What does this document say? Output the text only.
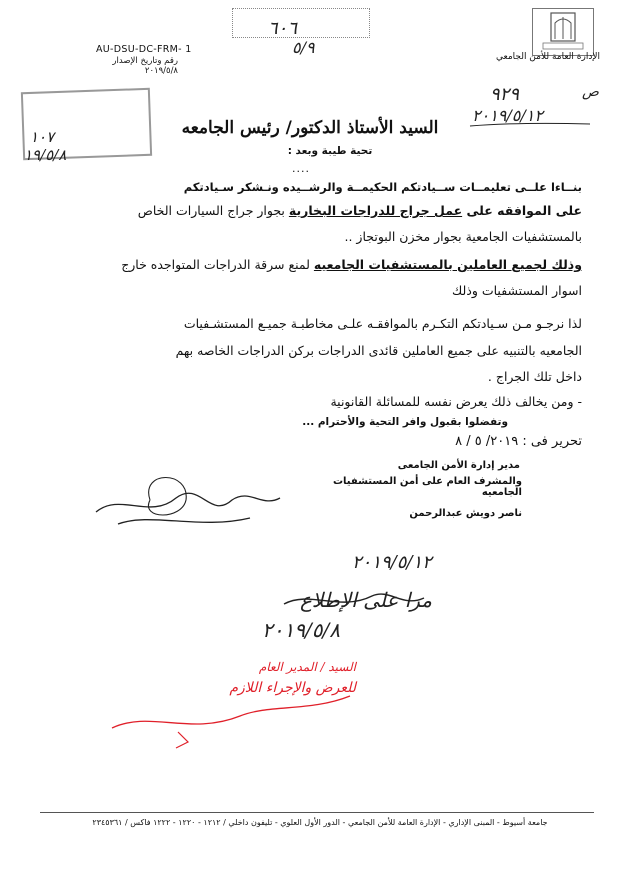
الإدارة العامة للأمن الجامعي
AU-DSU-DC-FRM- 1
رقم وتاريخ الإصدار ٢٠١٩/٥/٨
٦٠٦
٥/٩
٩٢٩	ص
٢٠١٩/٥/١٢
١٠٧
١٩/٥/٨
السيد الأستاذ الدكتور/ رئيس الجامعه
تحية طيبة وبعد :
....
بنــاءا علــى تعليمــات ســيادتكم الحكيمــة والرشــيده ونـشكر سـيادتكم
على الموافقه على عمل جراج للدراجات البخارية بجوار جراج السيارات الخاص
بالمستشفيات الجامعية بجوار مخزن البوتجاز ..
وذلك لجميع العاملين بالمستشفيات الجامعيه لمنع سرقة الدراجات المتواجده خارج
اسوار المستشفيات وذلك
لذا نرجـو مـن سـيادتكم التكـرم بالموافقـه علـى مخاطبـة جميـع المستشـفيات
الجامعيه بالتنبيه على جميع العاملين قائدى الدراجات بركن الدراجات الخاصه بهم
داخل تلك الجراج .
- ومن يخالف ذلك يعرض نفسه للمسائلة القانونية
وتفضلوا بقبول وافر التحية والأحترام ...
تحرير فى : ٢٠١٩/ ٥ / ٨
مدير إدارة الأمن الجامعى
والمشرف العام على أمن المستشفيات الجامعيه
ناصر دويش عبدالرحمن
٢٠١٩/٥/١٢
مرا على الإطلاع
٢٠١٩/٥/٨
السيد / المدير العام
للعرض والإجراء اللازم
جامعة أسيوط - المبنى الإداري - الإدارة العامة للأمن الجامعي - الدور الأول العلوي - تليفون داخلي / ١٢١٢ - ١٢٢٠ - ١٢٢٢ فاكس / ٢٣٤٥٣٦١
